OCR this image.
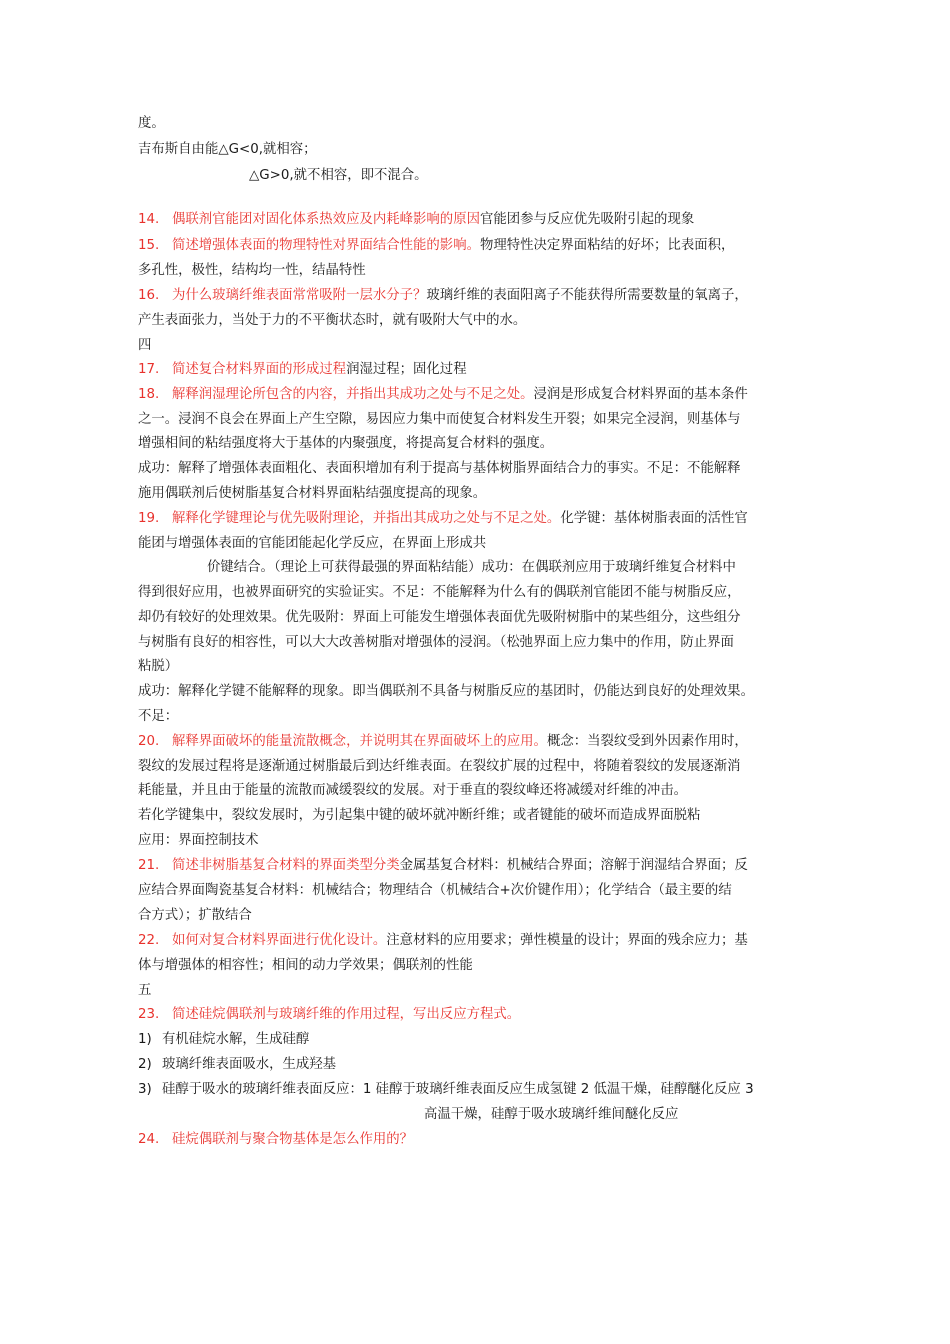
度。
吉布斯自由能△G<0,就相容；
△G>0,就不相容，即不混合。
14. 偶联剂官能团对固化体系热效应及内耗峰影响的原因官能团参与反应优先吸附引起的现象
15. 简述增强体表面的物理特性对界面结合性能的影响。物理特性决定界面粘结的好坏；比表面积，
多孔性，极性，结构均一性，结晶特性
16. 为什么玻璃纤维表面常常吸附一层水分子？玻璃纤维的表面阳离子不能获得所需要数量的氧离子，
产生表面张力，当处于力的不平衡状态时，就有吸附大气中的水。
四
17. 简述复合材料界面的形成过程润湿过程；固化过程
18. 解释润湿理论所包含的内容，并指出其成功之处与不足之处。浸润是形成复合材料界面的基本条件
之一。浸润不良会在界面上产生空隙，易因应力集中而使复合材料发生开裂；如果完全浸润，则基体与
增强相间的粘结强度将大于基体的内聚强度，将提高复合材料的强度。
成功：解释了增强体表面粗化、表面积增加有利于提高与基体树脂界面结合力的事实。不足：不能解释
施用偶联剂后使树脂基复合材料界面粘结强度提高的现象。
19. 解释化学键理论与优先吸附理论，并指出其成功之处与不足之处。化学键：基体树脂表面的活性官
能团与增强体表面的官能团能起化学反应，在界面上形成共
价键结合。（理论上可获得最强的界面粘结能）成功：在偶联剂应用于玻璃纤维复合材料中
得到很好应用，也被界面研究的实验证实。不足：不能解释为什么有的偶联剂官能团不能与树脂反应，
却仍有较好的处理效果。优先吸附：界面上可能发生增强体表面优先吸附树脂中的某些组分，这些组分
与树脂有良好的相容性，可以大大改善树脂对增强体的浸润。（松弛界面上应力集中的作用，防止界面
粘脱）
成功：解释化学键不能解释的现象。即当偶联剂不具备与树脂反应的基团时，仍能达到良好的处理效果。
不足：
20. 解释界面破坏的能量流散概念，并说明其在界面破坏上的应用。概念：当裂纹受到外因素作用时，
裂纹的发展过程将是逐渐通过树脂最后到达纤维表面。在裂纹扩展的过程中，将随着裂纹的发展逐渐消
耗能量，并且由于能量的流散而减缓裂纹的发展。对于垂直的裂纹峰还将减缓对纤维的冲击。
若化学键集中，裂纹发展时，为引起集中键的破坏就冲断纤维；或者键能的破坏而造成界面脱粘
应用：界面控制技术
21. 简述非树脂基复合材料的界面类型分类金属基复合材料：机械结合界面；溶解于润湿结合界面；反
应结合界面陶瓷基复合材料：机械结合；物理结合（机械结合+次价键作用）；化学结合（最主要的结
合方式）；扩散结合
22. 如何对复合材料界面进行优化设计。注意材料的应用要求；弹性模量的设计；界面的残余应力；基
体与增强体的相容性；相间的动力学效果；偶联剂的性能
五
23. 简述硅烷偶联剂与玻璃纤维的作用过程，写出反应方程式。
1) 有机硅烷水解，生成硅醇
2) 玻璃纤维表面吸水，生成羟基
3) 硅醇于吸水的玻璃纤维表面反应：1 硅醇于玻璃纤维表面反应生成氢键 2 低温干燥，硅醇醚化反应 3
高温干燥，硅醇于吸水玻璃纤维间醚化反应
24. 硅烷偶联剂与聚合物基体是怎么作用的？
